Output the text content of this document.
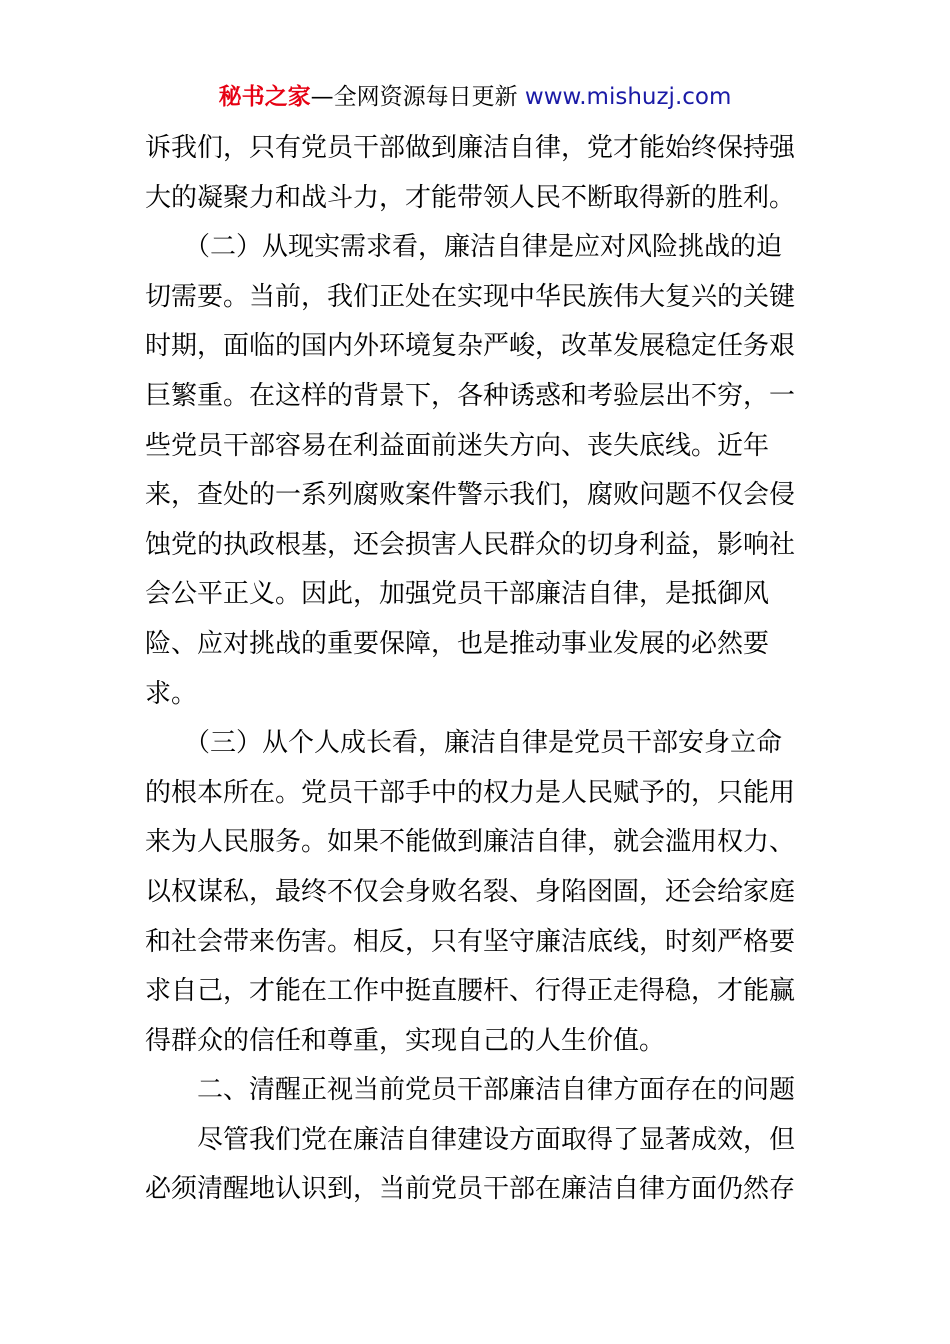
秘书之家—全网资源每日更新 www.mishuzj.com
诉我们，只有党员干部做到廉洁自律，党才能始终保持强
大的凝聚力和战斗力，才能带领人民不断取得新的胜利。
　　（二）从现实需求看，廉洁自律是应对风险挑战的迫
切需要。当前，我们正处在实现中华民族伟大复兴的关键
时期，面临的国内外环境复杂严峻，改革发展稳定任务艰
巨繁重。在这样的背景下，各种诱惑和考验层出不穷，一
些党员干部容易在利益面前迷失方向、丧失底线。近年
来，查处的一系列腐败案件警示我们，腐败问题不仅会侵
蚀党的执政根基，还会损害人民群众的切身利益，影响社
会公平正义。因此，加强党员干部廉洁自律，是抵御风
险、应对挑战的重要保障，也是推动事业发展的必然要
求。
　　（三）从个人成长看，廉洁自律是党员干部安身立命
的根本所在。党员干部手中的权力是人民赋予的，只能用
来为人民服务。如果不能做到廉洁自律，就会滥用权力、
以权谋私，最终不仅会身败名裂、身陷囹圄，还会给家庭
和社会带来伤害。相反，只有坚守廉洁底线，时刻严格要
求自己，才能在工作中挺直腰杆、行得正走得稳，才能赢
得群众的信任和尊重，实现自己的人生价值。
　　二、清醒正视当前党员干部廉洁自律方面存在的问题
　　尽管我们党在廉洁自律建设方面取得了显著成效，但
必须清醒地认识到，当前党员干部在廉洁自律方面仍然存
